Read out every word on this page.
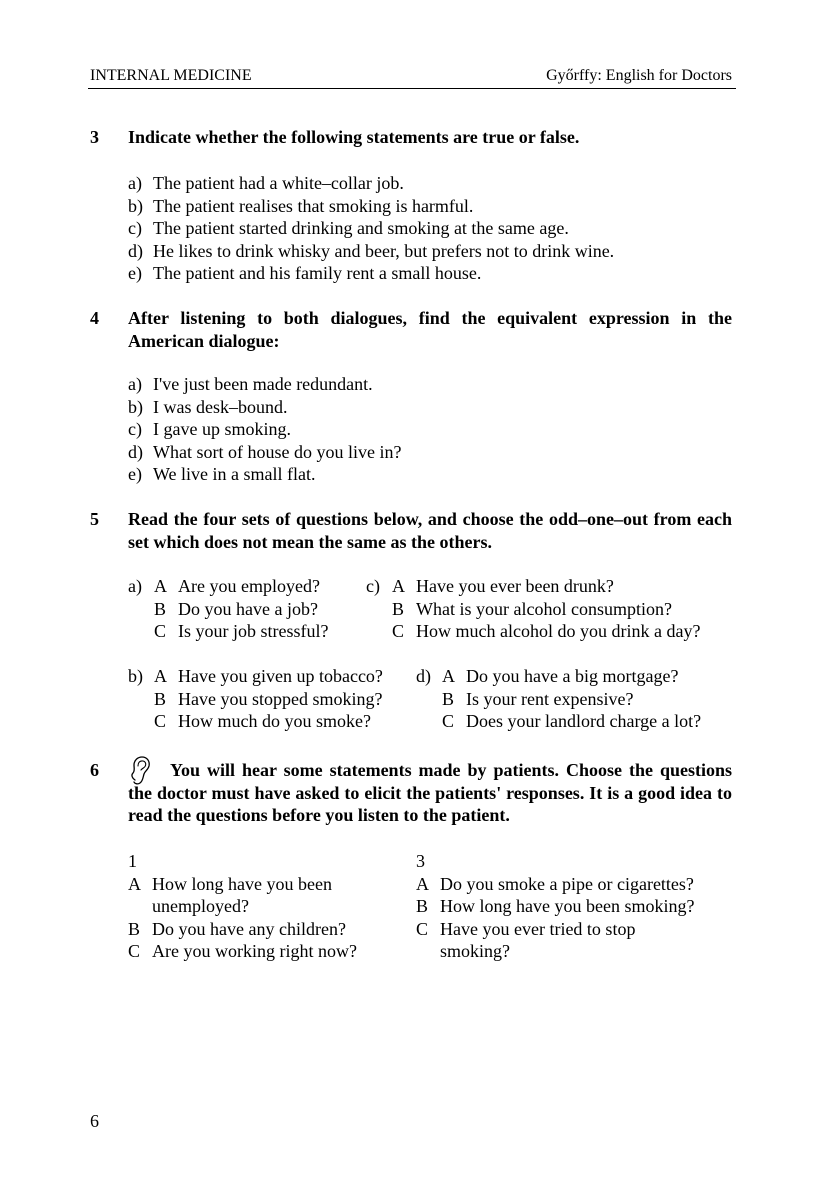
INTERNAL MEDICINE	Győrffy: English for Doctors
3 Indicate whether the following statements are true or false.
a) The patient had a white–collar job.
b) The patient realises that smoking is harmful.
c) The patient started drinking and smoking at the same age.
d) He likes to drink whisky and beer, but prefers not to drink wine.
e) The patient and his family rent a small house.
4 After listening to both dialogues, find the equivalent expression in the American dialogue:
a) I've just been made redundant.
b) I was desk–bound.
c) I gave up smoking.
d) What sort of house do you live in?
e) We live in a small flat.
5 Read the four sets of questions below, and choose the odd–one–out from each set which does not mean the same as the others.
a) A Are you employed?
B Do you have a job?
C Is your job stressful?
c) A Have you ever been drunk?
B What is your alcohol consumption?
C How much alcohol do you drink a day?
b) A Have you given up tobacco?
B Have you stopped smoking?
C How much do you smoke?
d) A Do you have a big mortgage?
B Is your rent expensive?
C Does your landlord charge a lot?
6	You will hear some statements made by patients. Choose the questions the doctor must have asked to elicit the patients' responses. It is a good idea to read the questions before you listen to the patient.
1
A How long have you been
unemployed?
B Do you have any children?
C Are you working right now?
3
A Do you smoke a pipe or cigarettes?
B How long have you been smoking?
C Have you ever tried to stop
smoking?
6
